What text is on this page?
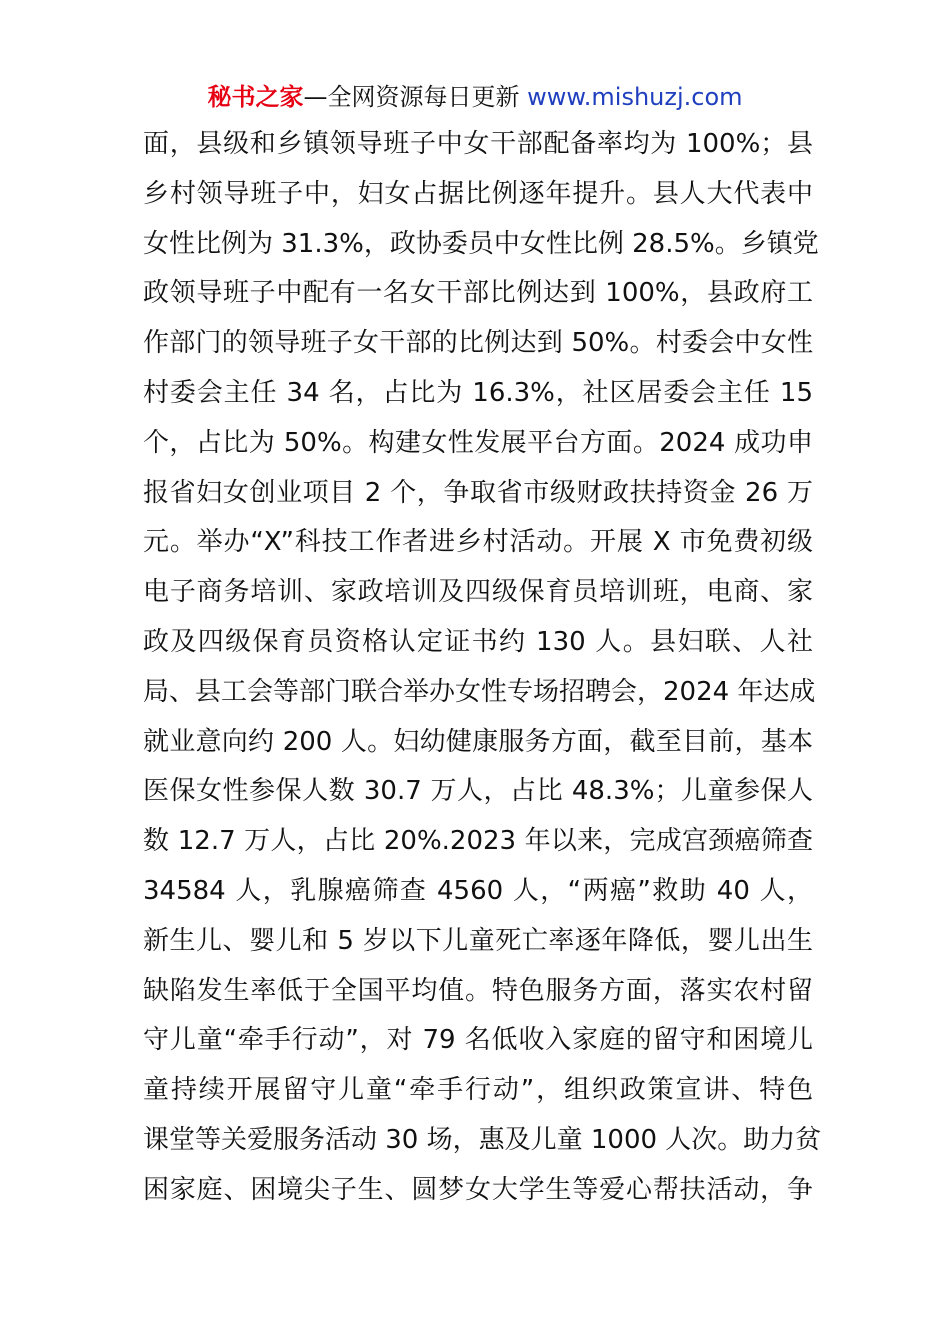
秘书之家—全网资源每日更新 www.mishuzj.com
面，县级和乡镇领导班子中女干部配备率均为 100%；县
乡村领导班子中，妇女占据比例逐年提升。县人大代表中
女性比例为 31.3%，政协委员中女性比例 28.5%。乡镇党
政领导班子中配有一名女干部比例达到 100%，县政府工
作部门的领导班子女干部的比例达到 50%。村委会中女性
村委会主任 34 名，占比为 16.3%，社区居委会主任 15
个，占比为 50%。构建女性发展平台方面。2024 成功申
报省妇女创业项目 2 个，争取省市级财政扶持资金 26 万
元。举办“X”科技工作者进乡村活动。开展 X 市免费初级
电子商务培训、家政培训及四级保育员培训班，电商、家
政及四级保育员资格认定证书约 130 人。县妇联、人社
局、县工会等部门联合举办女性专场招聘会，2024 年达成
就业意向约 200 人。妇幼健康服务方面，截至目前，基本
医保女性参保人数 30.7 万人，占比 48.3%；儿童参保人
数 12.7 万人，占比 20%.2023 年以来，完成宫颈癌筛查
34584 人，乳腺癌筛查 4560 人，“两癌”救助 40 人，
新生儿、婴儿和 5 岁以下儿童死亡率逐年降低，婴儿出生
缺陷发生率低于全国平均值。特色服务方面，落实农村留
守儿童“牵手行动”，对 79 名低收入家庭的留守和困境儿
童持续开展留守儿童“牵手行动”，组织政策宣讲、特色
课堂等关爱服务活动 30 场，惠及儿童 1000 人次。助力贫
困家庭、困境尖子生、圆梦女大学生等爱心帮扶活动，争
